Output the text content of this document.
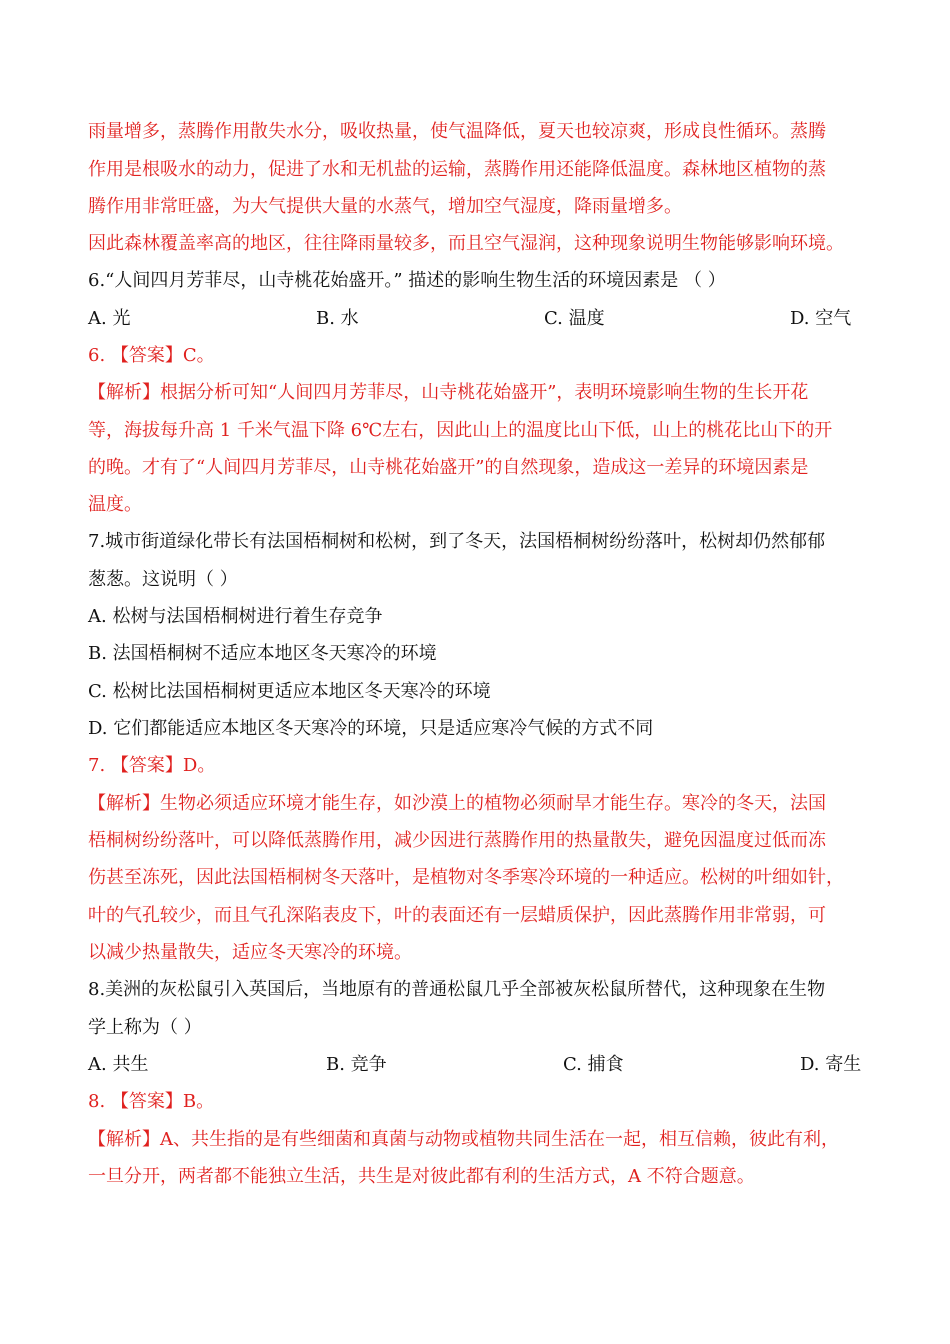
雨量增多，蒸腾作用散失水分，吸收热量，使气温降低，夏天也较凉爽，形成良性循环。蒸腾
作用是根吸水的动力，促进了水和无机盐的运输，蒸腾作用还能降低温度。森林地区植物的蒸
腾作用非常旺盛，为大气提供大量的水蒸气，增加空气湿度，降雨量增多。
因此森林覆盖率高的地区，往往降雨量较多，而且空气湿润，这种现象说明生物能够影响环境。
6.“人间四月芳菲尽，山寺桃花始盛开。” 描述的影响生物生活的环境因素是 （ ）
A. 光	B. 水	C. 温度	D. 空气
6. 【答案】C。
【解析】根据分析可知“人间四月芳菲尽，山寺桃花始盛开”，表明环境影响生物的生长开花
等，海拔每升高 1 千米气温下降 6℃左右，因此山上的温度比山下低，山上的桃花比山下的开
的晚。才有了“人间四月芳菲尽，山寺桃花始盛开”的自然现象，造成这一差异的环境因素是
温度。
7.城市街道绿化带长有法国梧桐树和松树，到了冬天，法国梧桐树纷纷落叶，松树却仍然郁郁
葱葱。这说明（ ）
A. 松树与法国梧桐树进行着生存竞争
B. 法国梧桐树不适应本地区冬天寒冷的环境
C. 松树比法国梧桐树更适应本地区冬天寒冷的环境
D. 它们都能适应本地区冬天寒冷的环境，只是适应寒冷气候的方式不同
7. 【答案】D。
【解析】生物必须适应环境才能生存，如沙漠上的植物必须耐旱才能生存。寒冷的冬天，法国
梧桐树纷纷落叶，可以降低蒸腾作用，减少因进行蒸腾作用的热量散失，避免因温度过低而冻
伤甚至冻死，因此法国梧桐树冬天落叶，是植物对冬季寒冷环境的一种适应。松树的叶细如针，
叶的气孔较少，而且气孔深陷表皮下，叶的表面还有一层蜡质保护，因此蒸腾作用非常弱，可
以减少热量散失，适应冬天寒冷的环境。
8.美洲的灰松鼠引入英国后，当地原有的普通松鼠几乎全部被灰松鼠所替代，这种现象在生物
学上称为（ ）
A. 共生	B. 竞争	C. 捕食	D. 寄生
8. 【答案】B。
【解析】A、共生指的是有些细菌和真菌与动物或植物共同生活在一起，相互信赖，彼此有利，
一旦分开，两者都不能独立生活，共生是对彼此都有利的生活方式，A 不符合题意。
